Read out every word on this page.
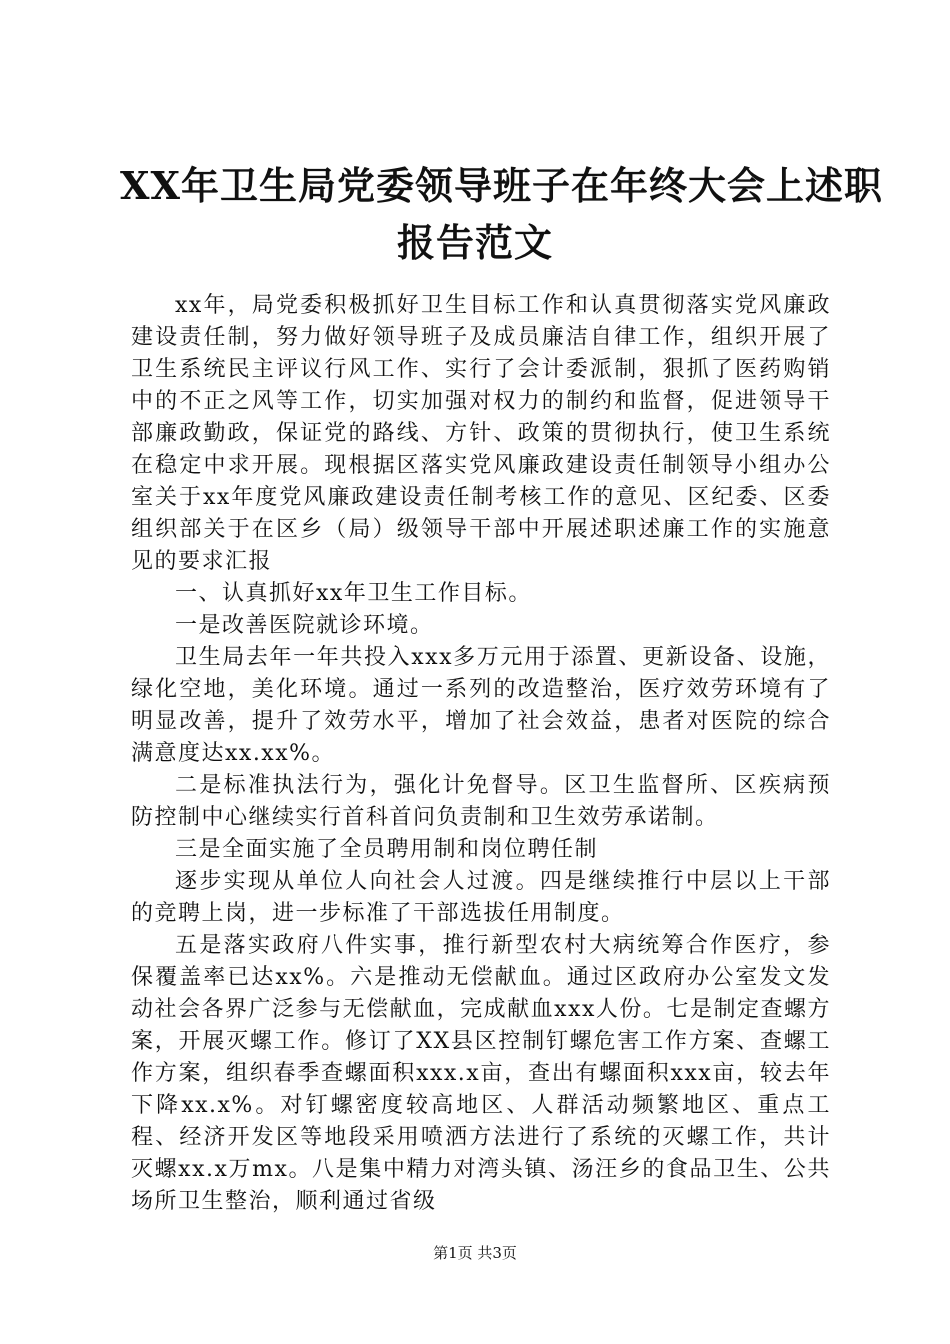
XX年卫生局党委领导班子在年终大会上述职
报告范文

xx年，局党委积极抓好卫生目标工作和认真贯彻落实党风廉政建设责任制，努力做好领导班子及成员廉洁自律工作，组织开展了卫生系统民主评议行风工作、实行了会计委派制，狠抓了医药购销中的不正之风等工作，切实加强对权力的制约和监督，促进领导干部廉政勤政，保证党的路线、方针、政策的贯彻执行，使卫生系统在稳定中求开展。现根据区落实党风廉政建设责任制领导小组办公室关于xx年度党风廉政建设责任制考核工作的意见、区纪委、区委组织部关于在区乡（局）级领导干部中开展述职述廉工作的实施意见的要求汇报

一、认真抓好xx年卫生工作目标。

一是改善医院就诊环境。

卫生局去年一年共投入xxx多万元用于添置、更新设备、设施，绿化空地，美化环境。通过一系列的改造整治，医疗效劳环境有了明显改善，提升了效劳水平，增加了社会效益，患者对医院的综合满意度达xx.xx%。

二是标准执法行为，强化计免督导。区卫生监督所、区疾病预防控制中心继续实行首科首问负责制和卫生效劳承诺制。

三是全面实施了全员聘用制和岗位聘任制

逐步实现从单位人向社会人过渡。四是继续推行中层以上干部的竞聘上岗，进一步标准了干部选拔任用制度。

五是落实政府八件实事，推行新型农村大病统筹合作医疗，参保覆盖率已达xx%。六是推动无偿献血。通过区政府办公室发文发动社会各界广泛参与无偿献血，完成献血xxx人份。七是制定查螺方案，开展灭螺工作。修订了XX县区控制钉螺危害工作方案、查螺工作方案，组织春季查螺面积xxx.x亩，查出有螺面积xxx亩，较去年下降xx.x%。对钉螺密度较高地区、人群活动频繁地区、重点工程、经济开发区等地段采用喷洒方法进行了系统的灭螺工作，共计灭螺xx.x万mx。八是集中精力对湾头镇、汤汪乡的食品卫生、公共场所卫生整治，顺利通过省级

第1页 共3页
